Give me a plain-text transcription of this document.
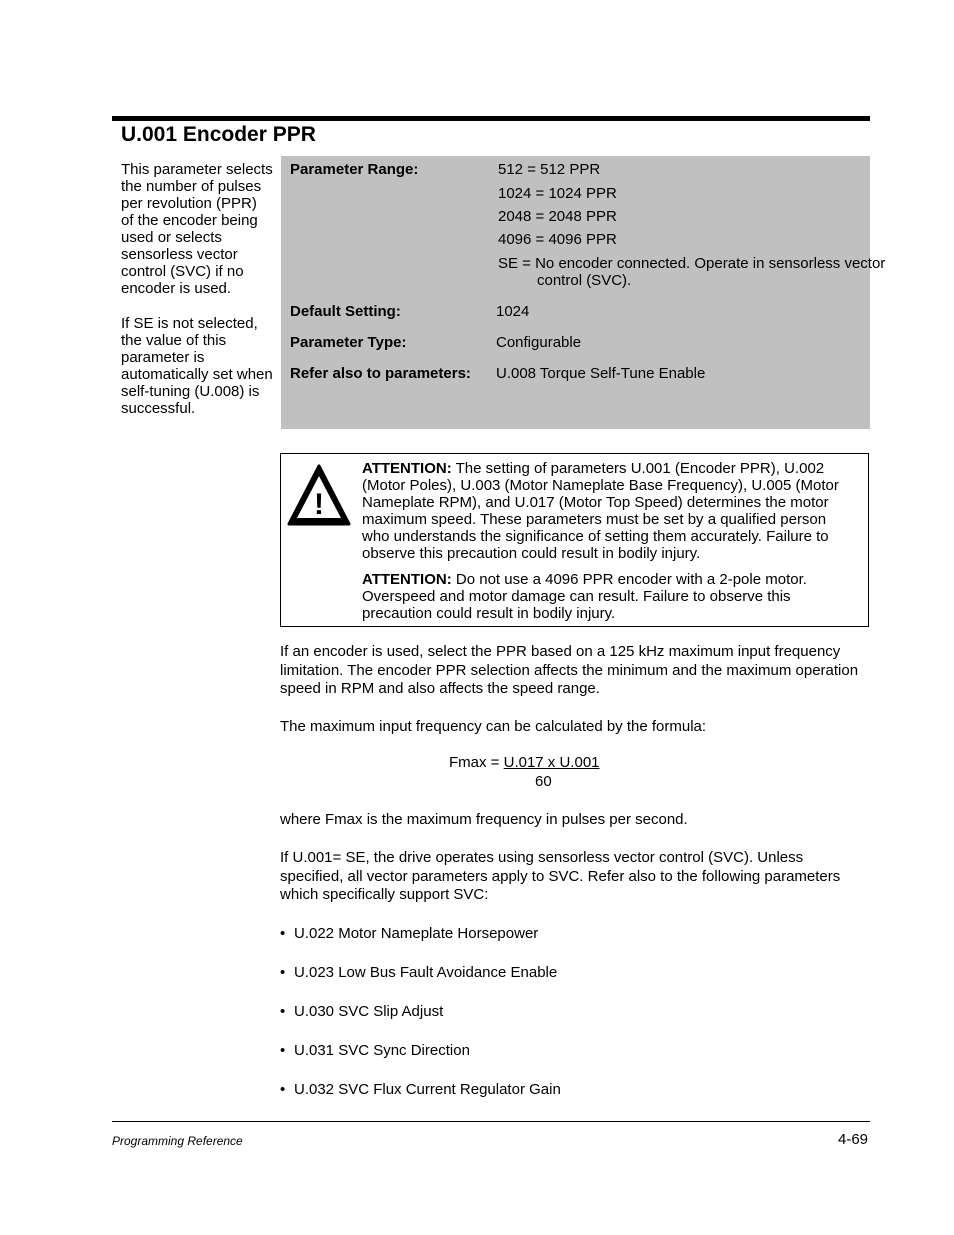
U.001 Encoder PPR

This parameter selects the number of pulses per revolution (PPR) of the encoder being used or selects sensorless vector control (SVC) if no encoder is used.

If SE is not selected, the value of this parameter is automatically set when self-tuning (U.008) is successful.

Parameter Range:	512 = 512 PPR
1024 = 1024 PPR
2048 = 2048 PPR
4096 = 4096 PPR
SE = No encoder connected. Operate in sensorless vector control (SVC).
Default Setting:	1024
Parameter Type:	Configurable
Refer also to parameters: U.008 Torque Self-Tune Enable
!
ATTENTION: The setting of parameters U.001 (Encoder PPR), U.002 (Motor Poles), U.003 (Motor Nameplate Base Frequency), U.005 (Motor Nameplate RPM), and U.017 (Motor Top Speed) determines the motor maximum speed. These parameters must be set by a qualified person who understands the significance of setting them accurately. Failure to observe this precaution could result in bodily injury.
ATTENTION: Do not use a 4096 PPR encoder with a 2-pole motor. Overspeed and motor damage can result. Failure to observe this precaution could result in bodily injury.

If an encoder is used, select the PPR based on a 125 kHz maximum input frequency limitation. The encoder PPR selection affects the minimum and the maximum operation speed in RPM and also affects the speed range.

The maximum input frequency can be calculated by the formula:

Fmax = U.017 x U.001
60

where Fmax is the maximum frequency in pulses per second.

If U.001= SE, the drive operates using sensorless vector control (SVC). Unless specified, all vector parameters apply to SVC. Refer also to the following parameters which specifically support SVC:

• U.022 Motor Nameplate Horsepower
• U.023 Low Bus Fault Avoidance Enable
• U.030 SVC Slip Adjust
• U.031 SVC Sync Direction
• U.032 SVC Flux Current Regulator Gain
Programming Reference	4-69
